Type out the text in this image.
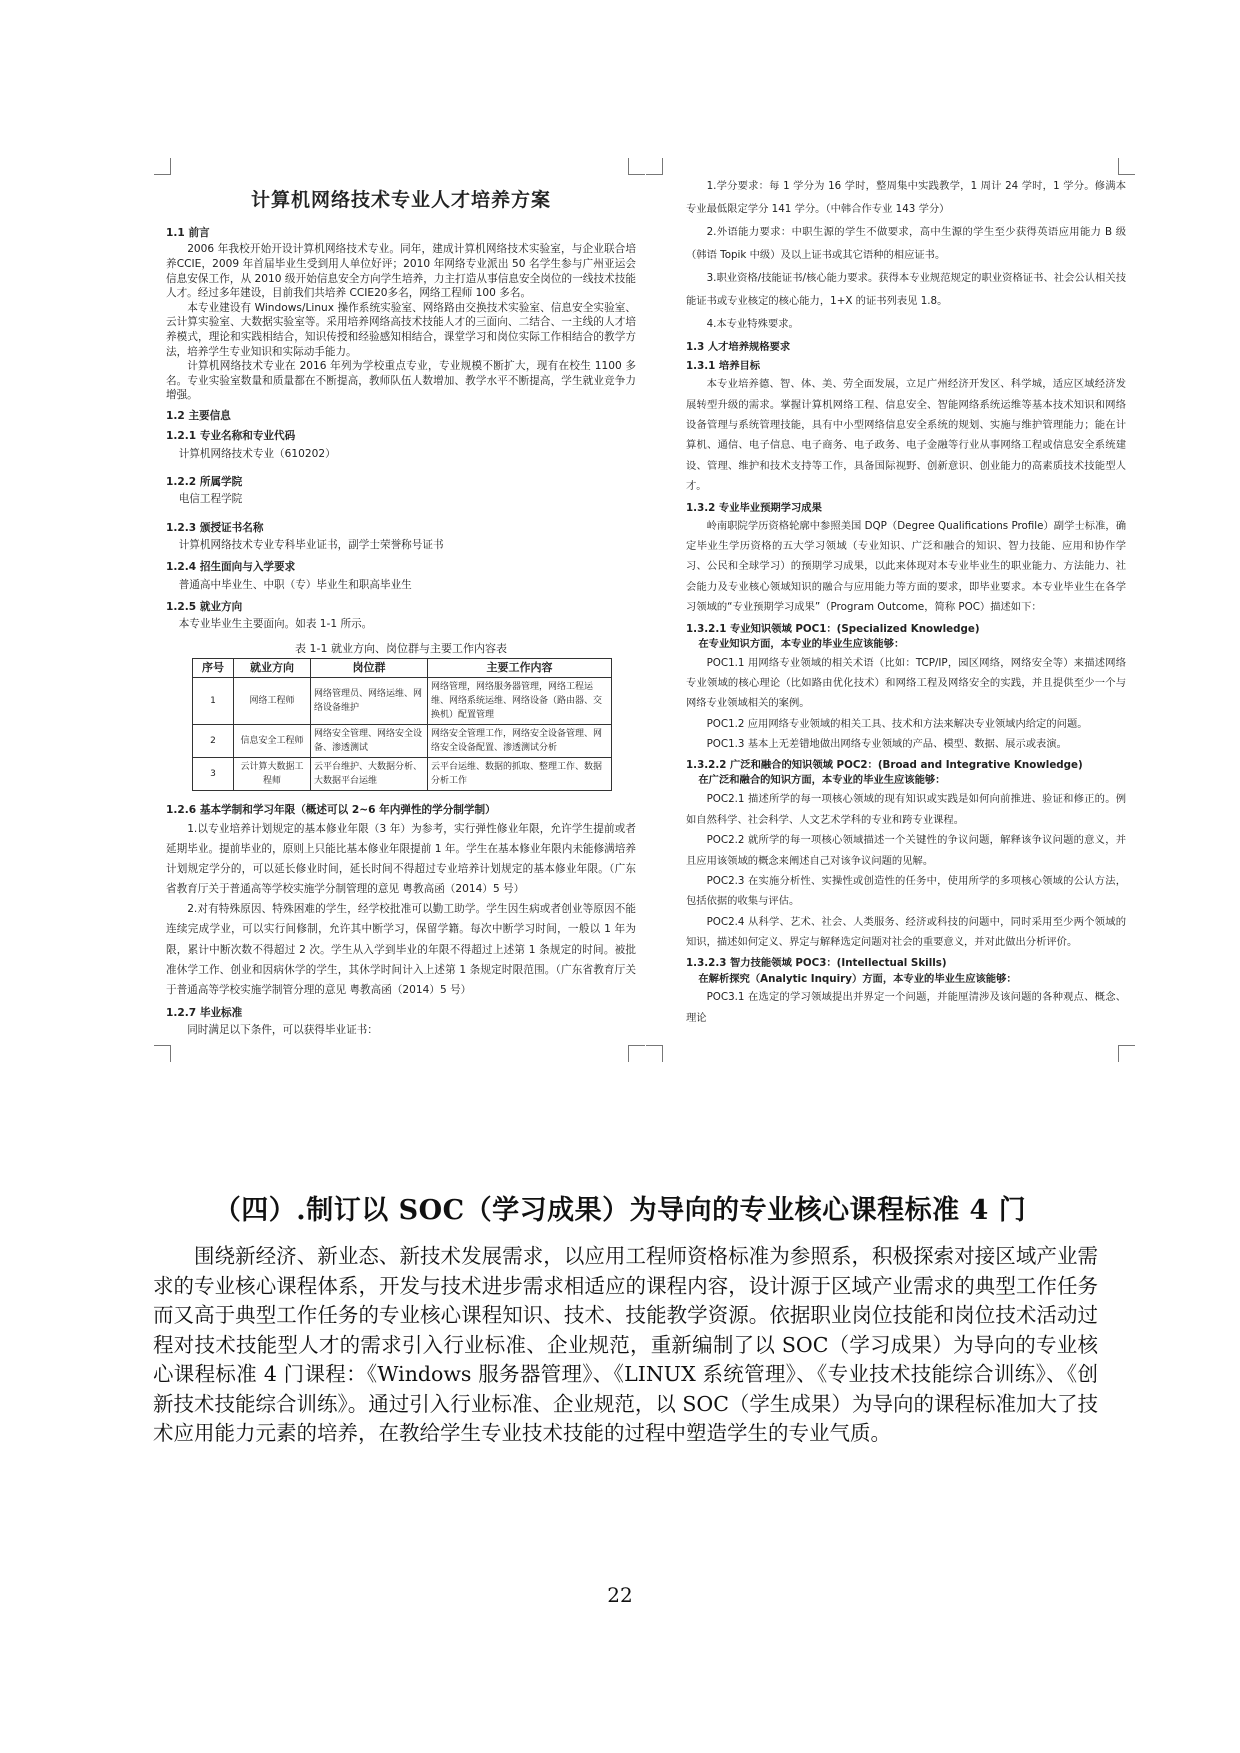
计算机网络技术专业人才培养方案
1.1 前言

2006 年我校开始开设计算机网络技术专业。同年，建成计算机网络技术实验室，与企业联合培养CCIE，2009 年首届毕业生受到用人单位好评；2010 年网络专业派出 50 名学生参与广州亚运会信息安保工作，从 2010 级开始信息安全方向学生培养，力主打造从事信息安全岗位的一线技术技能人才。经过多年建设，目前我们共培养 CCIE20多名，网络工程师 100 多名。

本专业建设有 Windows/Linux 操作系统实验室、网络路由交换技术实验室、信息安全实验室、云计算实验室、大数据实验室等。采用培养网络高技术技能人才的三面向、二结合、一主线的人才培养模式，理论和实践相结合，知识传授和经验感知相结合，课堂学习和岗位实际工作相结合的教学方法，培养学生专业知识和实际动手能力。

计算机网络技术专业在 2016 年列为学校重点专业，专业规模不断扩大，现有在校生 1100 多名。专业实验室数量和质量都在不断提高，教师队伍人数增加、教学水平不断提高，学生就业竞争力增强。

1.2 主要信息
1.2.1 专业名称和专业代码

计算机网络技术专业（610202）

1.2.2 所属学院

电信工程学院

1.2.3 颁授证书名称

计算机网络技术专业专科毕业证书，副学士荣誉称号证书

1.2.4 招生面向与入学要求

普通高中毕业生、中职（专）毕业生和职高毕业生

1.2.5 就业方向

本专业毕业生主要面向。如表 1-1 所示。

表 1-1 就业方向、岗位群与主要工作内容表
序号	就业方向	岗位群	主要工作内容
1	网络工程师	网络管理员、网络运维、网络设备维护	网络管理，网络服务器管理，网络工程运维、网络系统运维、网络设备（路由器、交换机）配置管理
2	信息安全工程师	网络安全管理、网络安全设备、渗透测试	网络安全管理工作，网络安全设备管理、网络安全设备配置、渗透测试分析
3	云计算大数据工程师	云平台维护、大数据分析、大数据平台运维	云平台运维、数据的抓取、整理工作、数据分析工作
1.2.6 基本学制和学习年限（概述可以 2~6 年内弹性的学分制学制）

1.以专业培养计划规定的基本修业年限（3 年）为参考，实行弹性修业年限，允许学生提前或者延期毕业。提前毕业的，原则上只能比基本修业年限提前 1 年。学生在基本修业年限内未能修满培养计划规定学分的，可以延长修业时间，延长时间不得超过专业培养计划规定的基本修业年限。（广东省教育厅关于普通高等学校实施学分制管理的意见 粤教高函（2014）5 号）

2.对有特殊原因、特殊困难的学生，经学校批准可以勤工助学。学生因生病或者创业等原因不能连续完成学业，可以实行间修制，允许其中断学习，保留学籍。每次中断学习时间，一般以 1 年为限，累计中断次数不得超过 2 次。学生从入学到毕业的年限不得超过上述第 1 条规定的时间。被批准休学工作、创业和因病休学的学生，其休学时间计入上述第 1 条规定时限范围。（广东省教育厅关于普通高等学校实施学制管分理的意见 粤教高函（2014）5 号）

1.2.7 毕业标准

同时满足以下条件，可以获得毕业证书：

1.学分要求：每 1 学分为 16 学时，整周集中实践教学，1 周计 24 学时，1 学分。修满本专业最低限定学分 141 学分。（中韩合作专业 143 学分）

2.外语能力要求：中职生源的学生不做要求，高中生源的学生至少获得英语应用能力 B 级（韩语 Topik 中级）及以上证书或其它语种的相应证书。

3.职业资格/技能证书/核心能力要求。获得本专业规范规定的职业资格证书、社会公认相关技能证书或专业核定的核心能力，1+X 的证书列表见 1.8。

4.本专业特殊要求。

1.3 人才培养规格要求
1.3.1 培养目标

本专业培养德、智、体、美、劳全面发展，立足广州经济开发区、科学城，适应区域经济发展转型升级的需求。掌握计算机网络工程、信息安全、智能网络系统运维等基本技术知识和网络设备管理与系统管理技能，具有中小型网络信息安全系统的规划、实施与维护管理能力；能在计算机、通信、电子信息、电子商务、电子政务、电子金融等行业从事网络工程或信息安全系统建设、管理、维护和技术支持等工作，具备国际视野、创新意识、创业能力的高素质技术技能型人才。

1.3.2 专业毕业预期学习成果

岭南职院学历资格轮廓中参照美国 DQP（Degree Qualifications Profile）副学士标准，确定毕业生学历资格的五大学习领域（专业知识、广泛和融合的知识、智力技能、应用和协作学习、公民和全球学习）的预期学习成果，以此来体现对本专业毕业生的职业能力、方法能力、社会能力及专业核心领域知识的融合与应用能力等方面的要求，即毕业要求。本专业毕业生在各学习领域的“专业预期学习成果”（Program Outcome，简称 POC）描述如下：

1.3.2.1 专业知识领域 POC1：(Specialized Knowledge)
在专业知识方面，本专业的毕业生应该能够：

POC1.1 用网络专业领域的相关术语（比如：TCP/IP，园区网络，网络安全等）来描述网络专业领域的核心理论（比如路由优化技术）和网络工程及网络安全的实践，并且提供至少一个与网络专业领域相关的案例。

POC1.2 应用网络专业领域的相关工具、技术和方法来解决专业领域内给定的问题。

POC1.3 基本上无差错地做出网络专业领域的产品、模型、数据、展示或表演。

1.3.2.2 广泛和融合的知识领域 POC2：(Broad and Integrative Knowledge)
在广泛和融合的知识方面，本专业的毕业生应该能够：

POC2.1 描述所学的每一项核心领域的现有知识或实践是如何向前推进、验证和修正的。例如自然科学、社会科学、人文艺术学科的专业和跨专业课程。

POC2.2 就所学的每一项核心领域描述一个关键性的争议问题，解释该争议问题的意义，并且应用该领域的概念来阐述自己对该争议问题的见解。

POC2.3 在实施分析性、实操性或创造性的任务中，使用所学的多项核心领域的公认方法，包括依据的收集与评估。

POC2.4 从科学、艺术、社会、人类服务、经济或科技的问题中，同时采用至少两个领域的知识，描述如何定义、界定与解释选定问题对社会的重要意义，并对此做出分析评价。

1.3.2.3 智力技能领域 POC3：(Intellectual Skills)
在解析探究（Analytic Inquiry）方面，本专业的毕业生应该能够：

POC3.1 在选定的学习领域提出并界定一个问题，并能厘清涉及该问题的各种观点、概念、理论

（四）.制订以 SOC（学习成果）为导向的专业核心课程标准 4 门

围绕新经济、新业态、新技术发展需求，以应用工程师资格标准为参照系，积极探索对接区域产业需求的专业核心课程体系，开发与技术进步需求相适应的课程内容，设计源于区域产业需求的典型工作任务而又高于典型工作任务的专业核心课程知识、技术、技能教学资源。依据职业岗位技能和岗位技术活动过程对技术技能型人才的需求引入行业标准、企业规范，重新编制了以 SOC（学习成果）为导向的专业核心课程标准 4 门课程：《Windows 服务器管理》、《LINUX 系统管理》、《专业技术技能综合训练》、《创新技术技能综合训练》。通过引入行业标准、企业规范，以 SOC（学生成果）为导向的课程标准加大了技术应用能力元素的培养，在教给学生专业技术技能的过程中塑造学生的专业气质。

22
